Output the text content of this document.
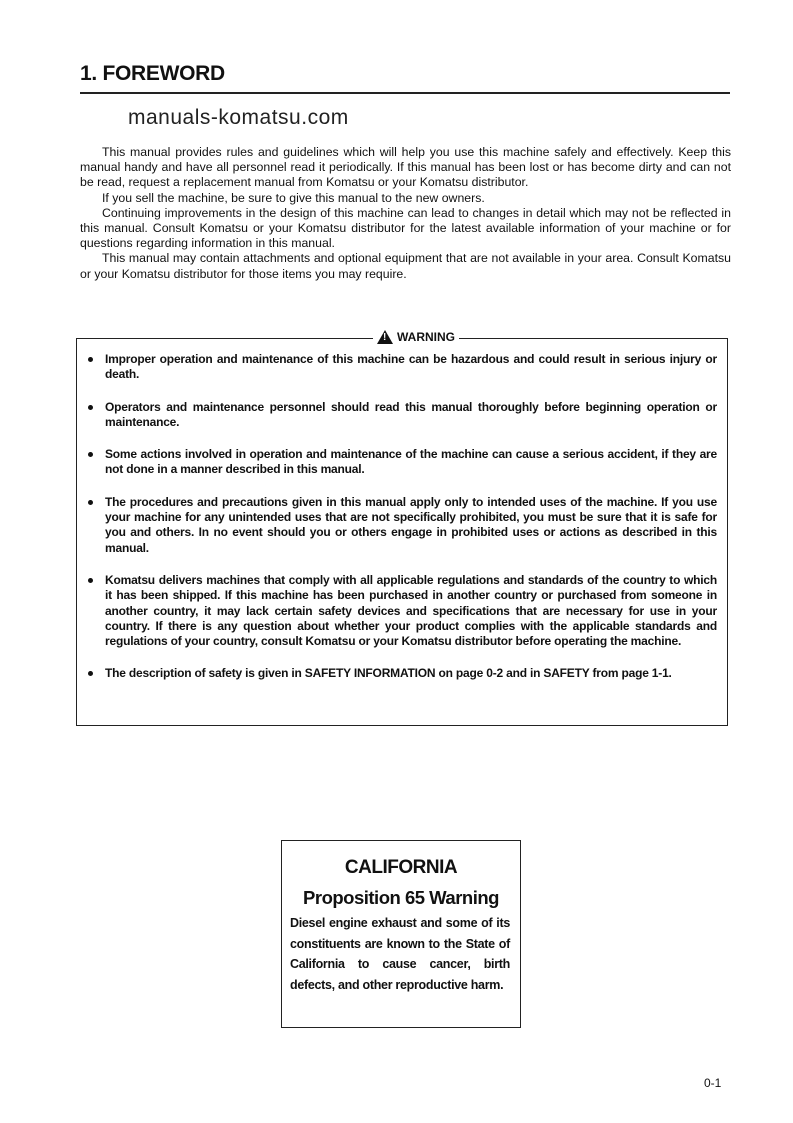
1. FOREWORD
manuals-komatsu.com

This manual provides rules and guidelines which will help you use this machine safely and effectively. Keep this manual handy and have all personnel read it periodically. If this manual has been lost or has become dirty and can not be read, request a replacement manual from Komatsu or your Komatsu distributor.

If you sell the machine, be sure to give this manual to the new owners.

Continuing improvements in the design of this machine can lead to changes in detail which may not be reflected in this manual. Consult Komatsu or your Komatsu distributor for the latest available information of your machine or for questions regarding information in this manual.

This manual may contain attachments and optional equipment that are not available in your area. Consult Komatsu or your Komatsu distributor for those items you may require.

!
WARNING
Improper operation and maintenance of this machine can be hazardous and could result in serious injury or death.
Operators and maintenance personnel should read this manual thoroughly before beginning operation or maintenance.
Some actions involved in operation and maintenance of the machine can cause a serious accident, if they are not done in a manner described in this manual.
The procedures and precautions given in this manual apply only to intended uses of the machine. If you use your machine for any unintended uses that are not specifically prohibited, you must be sure that it is safe for you and others. In no event should you or others engage in prohibited uses or actions as described in this manual.
Komatsu delivers machines that comply with all applicable regulations and standards of the country to which it has been shipped. If this machine has been purchased in another country or purchased from someone in another country, it may lack certain safety devices and specifications that are necessary for use in your country. If there is any question about whether your product complies with the applicable standards and regulations of your country, consult Komatsu or your Komatsu distributor before operating the machine.
The description of safety is given in SAFETY INFORMATION on page 0-2 and in SAFETY from page 1-1.
CALIFORNIA
Proposition 65 Warning
Diesel engine exhaust and some of its constituents are known to the State of California to cause cancer, birth defects, and other reproductive harm.
0-1
